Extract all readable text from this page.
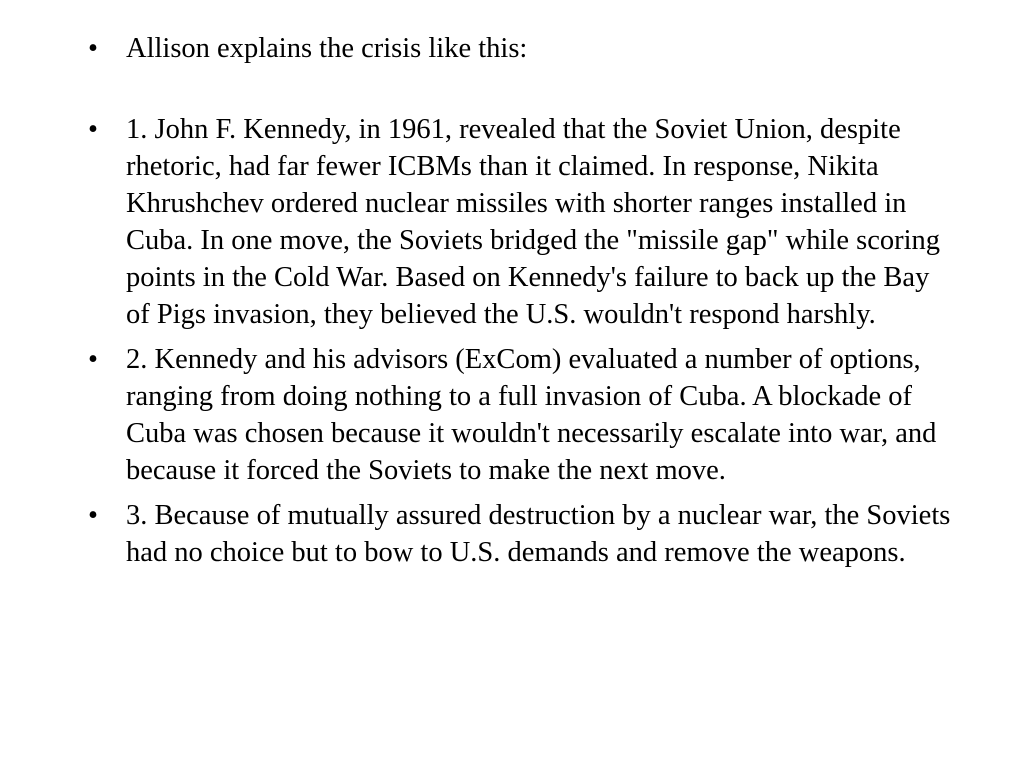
• Allison explains the crisis like this:
• 1. John F. Kennedy, in 1961, revealed that the Soviet Union, despite rhetoric, had far fewer ICBMs than it claimed. In response, Nikita Khrushchev ordered nuclear missiles with shorter ranges installed in Cuba. In one move, the Soviets bridged the "missile gap" while scoring points in the Cold War. Based on Kennedy's failure to back up the Bay of Pigs invasion, they believed the U.S. wouldn't respond harshly.
• 2. Kennedy and his advisors (ExCom) evaluated a number of options, ranging from doing nothing to a full invasion of Cuba. A blockade of Cuba was chosen because it wouldn't necessarily escalate into war, and because it forced the Soviets to make the next move.
• 3. Because of mutually assured destruction by a nuclear war, the Soviets had no choice but to bow to U.S. demands and remove the weapons.
